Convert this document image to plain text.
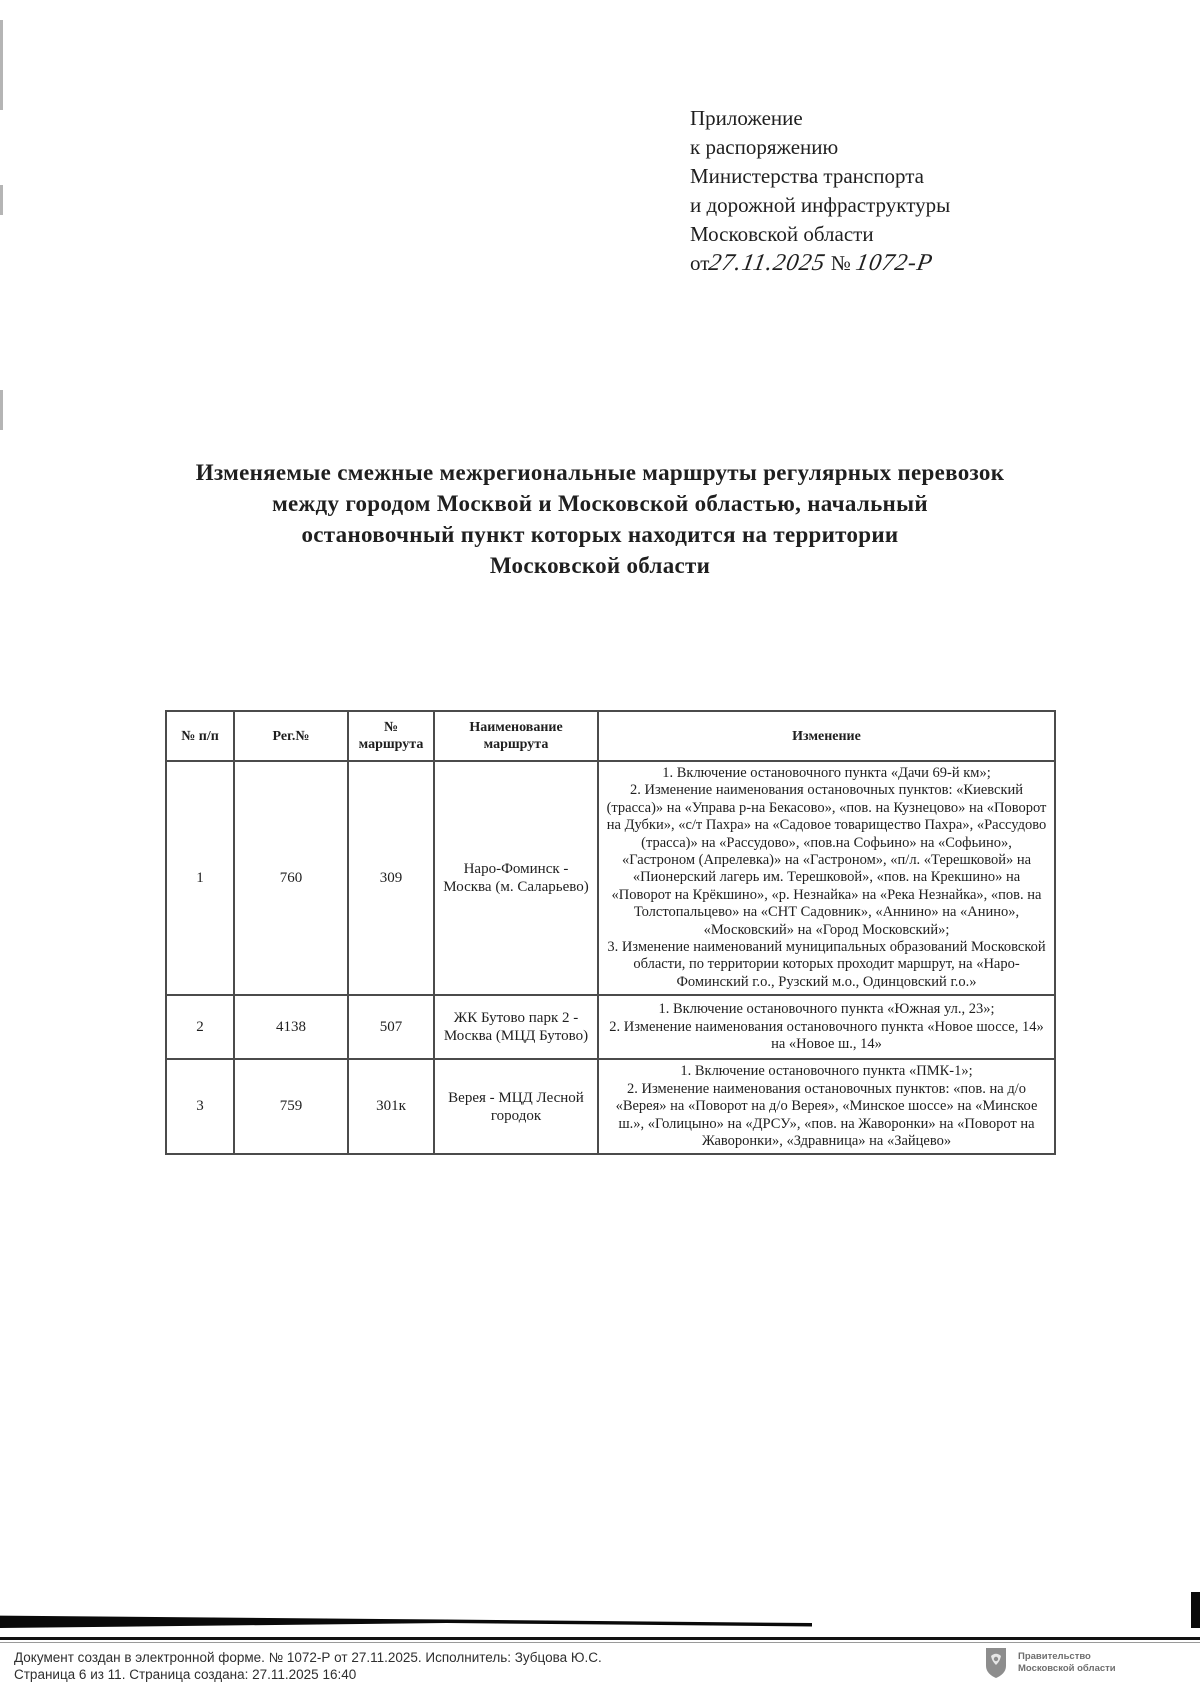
Приложение
к распоряжению
Министерства транспорта
и дорожной инфраструктуры
Московской области
от27.11.2025 № 1072-Р
Изменяемые смежные межрегиональные маршруты регулярных перевозок
между городом Москвой и Московской областью, начальный
остановочный пункт которых находится на территории
Московской области
№ п/п	Рег.№	№ маршрута	Наименование маршрута	Изменение
1	760	309	Наро-Фоминск - Москва (м. Саларьево)	1. Включение остановочного пункта «Дачи 69-й км»;
2. Изменение наименования остановочных пунктов: «Киевский (трасса)» на «Управа р-на Бекасово», «пов. на Кузнецово» на «Поворот на Дубки», «с/т Пахра» на «Садовое товарищество Пахра», «Рассудово (трасса)» на «Рассудово», «пов.на Софьино» на «Софьино», «Гастроном (Апрелевка)» на «Гастроном», «п/л. «Терешковой» на «Пионерский лагерь им. Терешковой», «пов. на Крекшино» на «Поворот на Крёкшино», «р. Незнайка» на «Река Незнайка», «пов. на Толстопальцево» на «СНТ Садовник», «Аннино» на «Анино», «Московский» на «Город Московский»;
3. Изменение наименований муниципальных образований Московской области, по территории которых проходит маршрут, на «Наро-Фоминский г.о., Рузский м.о., Одинцовский г.о.»

2	4138	507	ЖК Бутово парк 2 - Москва (МЦД Бутово)	1. Включение остановочного пункта «Южная ул., 23»;
2. Изменение наименования остановочного пункта «Новое шоссе, 14» на «Новое ш., 14»

3	759	301к	Верея - МЦД Лесной городок	1. Включение остановочного пункта «ПМК-1»;
2. Изменение наименования остановочных пунктов: «пов. на д/о «Верея» на «Поворот на д/о Верея», «Минское шоссе» на «Минское ш.», «Голицыно» на «ДРСУ», «пов. на Жаворонки» на «Поворот на Жаворонки», «Здравница» на «Зайцево»
Документ создан в электронной форме. № 1072-Р от 27.11.2025. Исполнитель: Зубцова Ю.С.
Страница 6 из 11. Страница создана: 27.11.2025 16:40
Правительство
Московской области
